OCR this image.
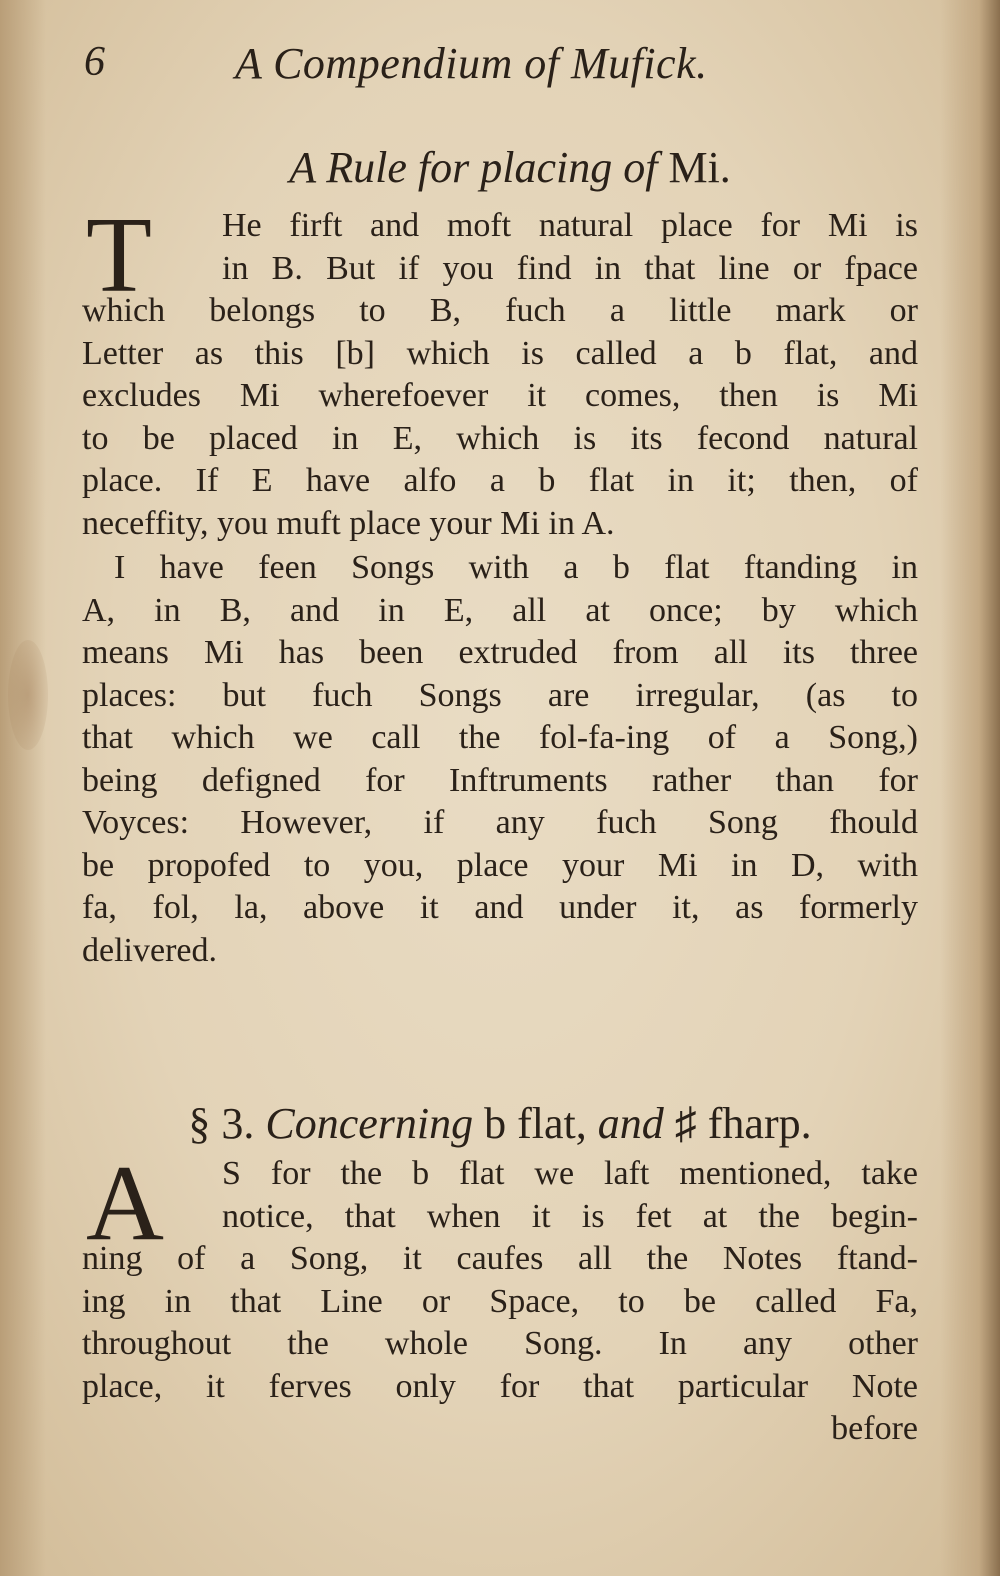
6	A Compendium of Mufick.
A Rule for placing of Mi.
T	He firft and moft natural place for Mi is
in B. But if you find in that line or fpace
which belongs to B, fuch a little mark or
Letter as this [b] which is called a b flat, and
excludes Mi wherefoever it comes, then is Mi
to be placed in E, which is its fecond natural
place. If E have alfo a b flat in it; then, of
neceffity, you muft place your Mi in A.
I have feen Songs with a b flat ftanding in
A, in B, and in E, all at once; by which
means Mi has been extruded from all its three
places: but fuch Songs are irregular, (as to
that which we call the fol-fa-ing of a Song,)
being defigned for Inftruments rather than for
Voyces: However, if any fuch Song fhould
be propofed to you, place your Mi in D, with
fa, fol, la, above it and under it, as formerly
delivered.
§ 3. Concerning b flat, and ♯ fharp.
A	S for the b flat we laft mentioned, take
notice, that when it is fet at the begin-
ning of a Song, it caufes all the Notes ftand-
ing in that Line or Space, to be called Fa,
throughout the whole Song. In any other
place, it ferves only for that particular Note
before
